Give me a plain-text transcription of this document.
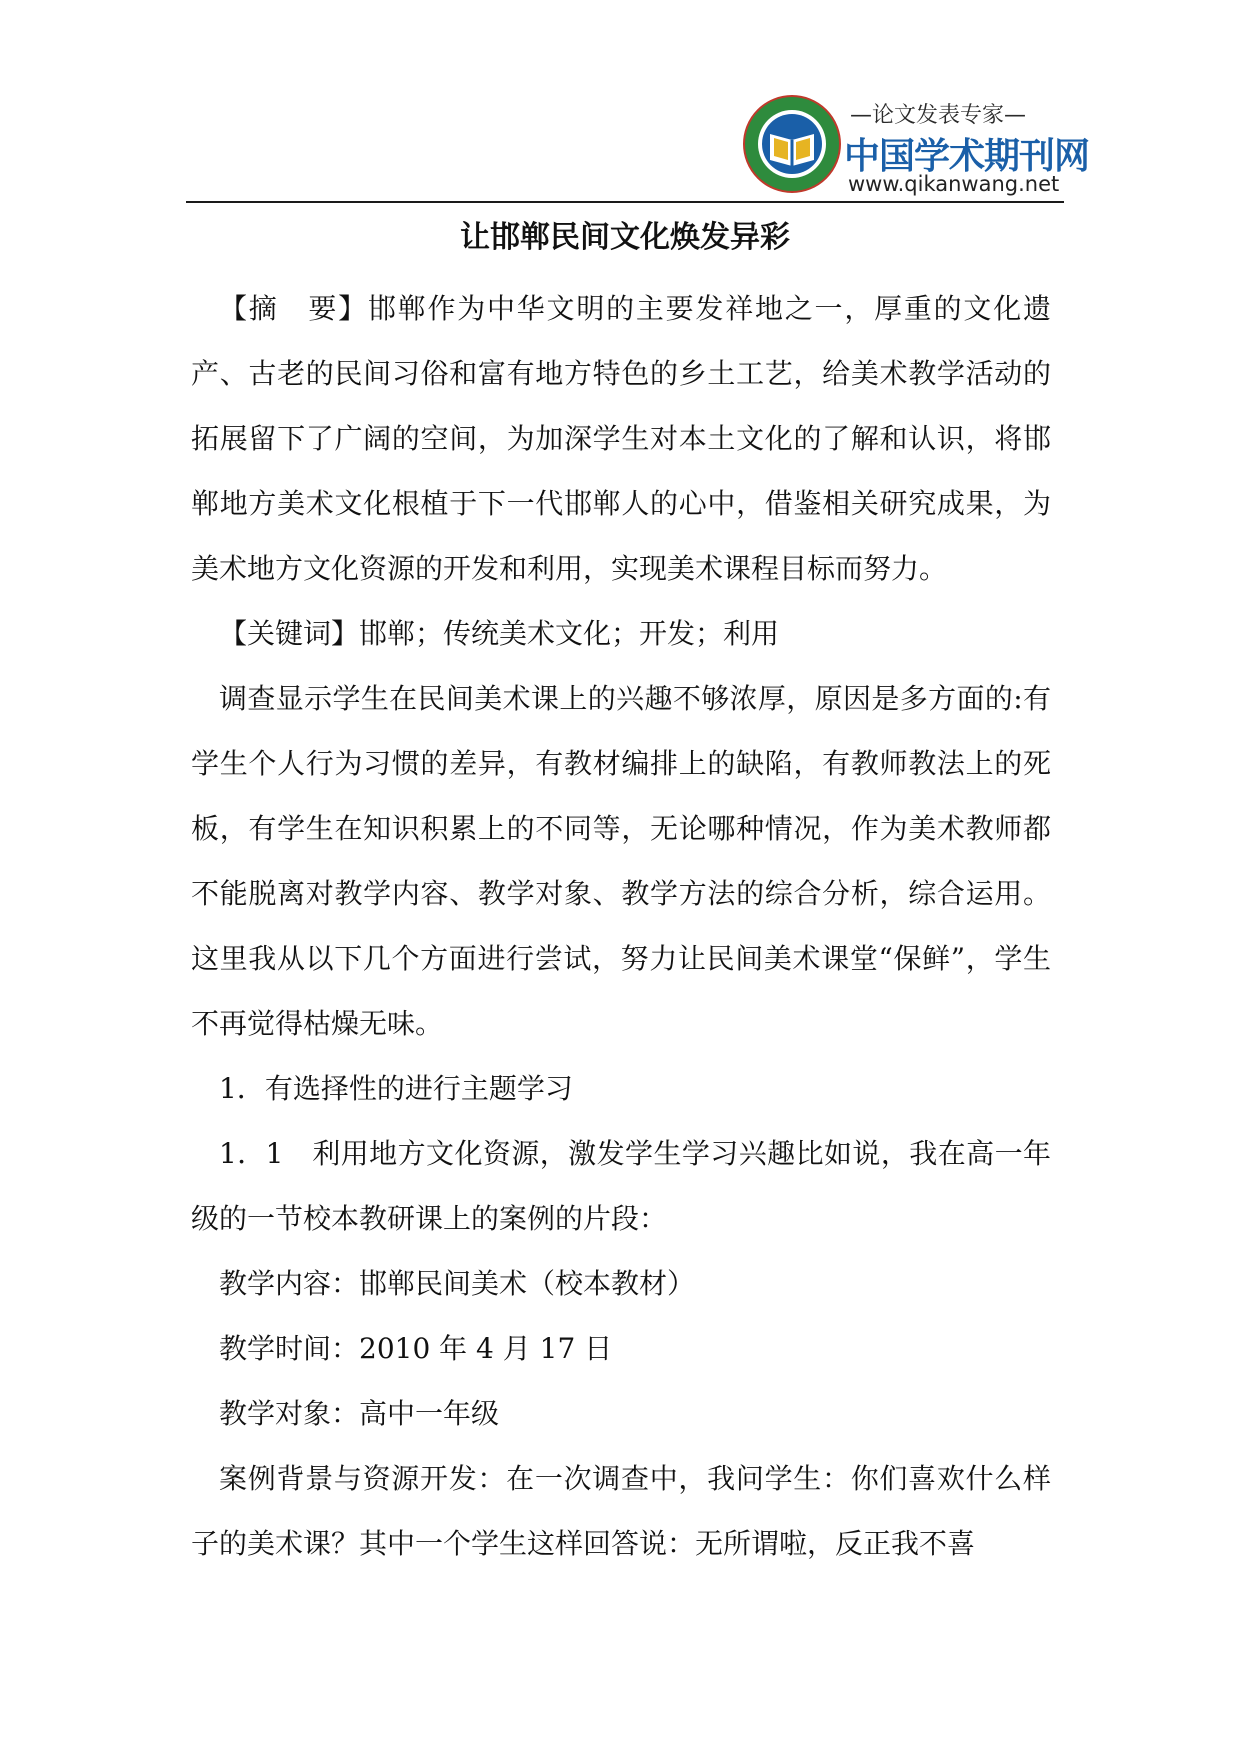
—论文发表专家—
中国学术期刊网
www.qikanwang.net
让邯郸民间文化焕发异彩

【摘　要】邯郸作为中华文明的主要发祥地之一，厚重的文化遗产、古老的民间习俗和富有地方特色的乡土工艺，给美术教学活动的拓展留下了广阔的空间，为加深学生对本土文化的了解和认识，将邯郸地方美术文化根植于下一代邯郸人的心中，借鉴相关研究成果，为美术地方文化资源的开发和利用，实现美术课程目标而努力。

【关键词】邯郸；传统美术文化；开发；利用

调查显示学生在民间美术课上的兴趣不够浓厚，原因是多方面的:有学生个人行为习惯的差异，有教材编排上的缺陷，有教师教法上的死板，有学生在知识积累上的不同等，无论哪种情况，作为美术教师都不能脱离对教学内容、教学对象、教学方法的综合分析，综合运用。这里我从以下几个方面进行尝试，努力让民间美术课堂“保鲜”，学生不再觉得枯燥无味。

1．有选择性的进行主题学习

1．1　利用地方文化资源，激发学生学习兴趣比如说，我在高一年级的一节校本教研课上的案例的片段：

教学内容：邯郸民间美术（校本教材）

教学时间：2010 年 4 月 17 日

教学对象：高中一年级

案例背景与资源开发：在一次调查中，我问学生：你们喜欢什么样子的美术课？其中一个学生这样回答说：无所谓啦，反正我不喜
